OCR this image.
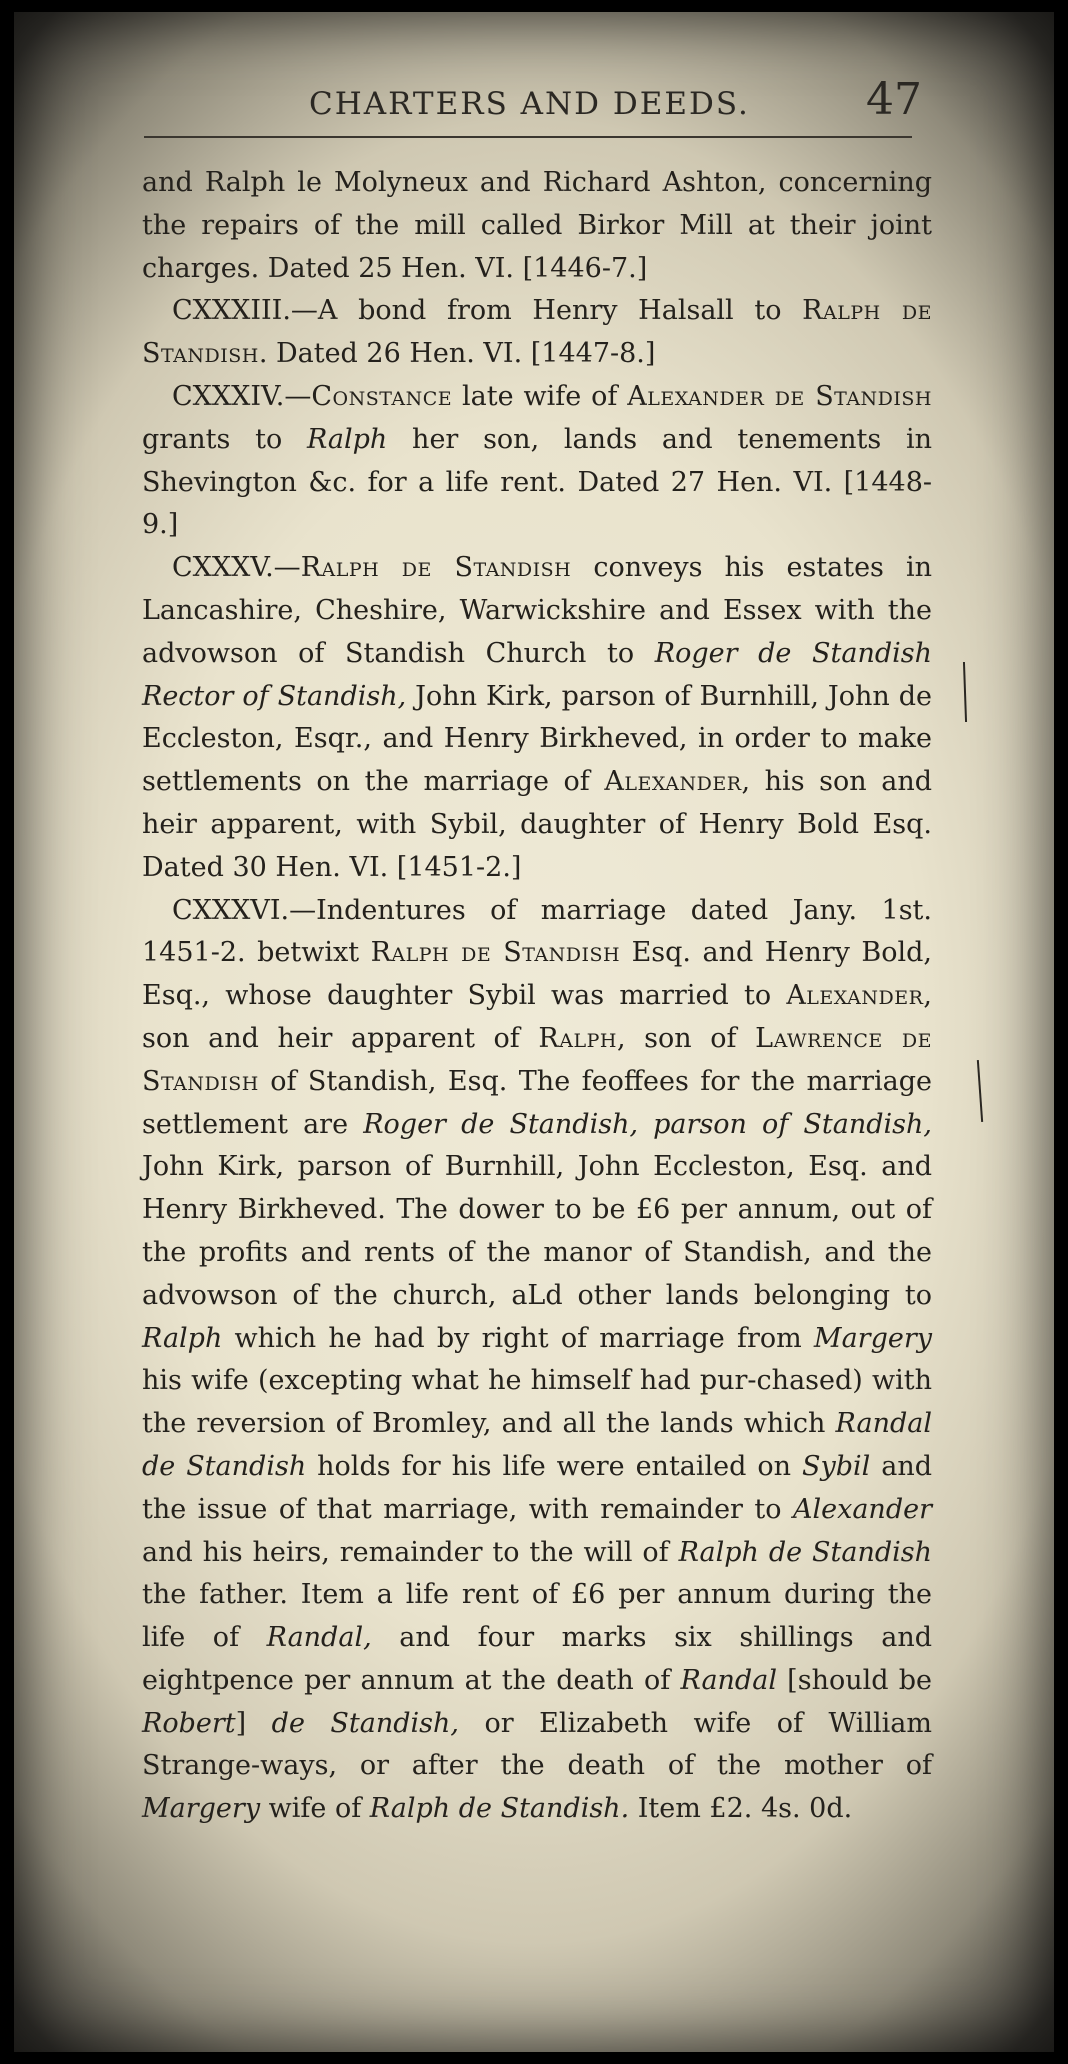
CHARTERS AND DEEDS.	47

and Ralph le Molyneux and Richard Ashton, concerning the repairs of the mill called Birkor Mill at their joint charges. Dated 25 Hen. VI. [1446-7.]

CXXXIII.—A bond from Henry Halsall to Ralph de Standish. Dated 26 Hen. VI. [1447-8.]

CXXXIV.—Constance late wife of Alexander de Standish grants to Ralph her son, lands and tenements in Shevington &c. for a life rent. Dated 27 Hen. VI. [1448-9.]

CXXXV.—Ralph de Standish conveys his estates in Lancashire, Cheshire, Warwickshire and Essex with the advowson of Standish Church to Roger de Standish Rector of Standish, John Kirk, parson of Burnhill, John de Eccleston, Esqr., and Henry Birkheved, in order to make settlements on the marriage of Alexander, his son and heir apparent, with Sybil, daughter of Henry Bold Esq. Dated 30 Hen. VI. [1451-2.]

CXXXVI.—Indentures of marriage dated Jany. 1st. 1451-2. betwixt Ralph de Standish Esq. and Henry Bold, Esq., whose daughter Sybil was married to Alexander, son and heir apparent of Ralph, son of Lawrence de Standish of Standish, Esq. The feoffees for the marriage settlement are Roger de Standish, parson of Standish, John Kirk, parson of Burnhill, John Eccleston, Esq. and Henry Birkheved. The dower to be £6 per annum, out of the profits and rents of the manor of Standish, and the advowson of the church, aLd other lands belonging to Ralph which he had by right of marriage from Margery his wife (excepting what he himself had pur-chased) with the reversion of Bromley, and all the lands which Randal de Standish holds for his life were entailed on Sybil and the issue of that marriage, with remainder to Alexander and his heirs, remainder to the will of Ralph de Standish the father. Item a life rent of £6 per annum during the life of Randal, and four marks six shillings and eightpence per annum at the death of Randal [should be Robert] de Standish, or Elizabeth wife of William Strange-ways, or after the death of the mother of Margery wife of Ralph de Standish. Item £2. 4s. 0d.
